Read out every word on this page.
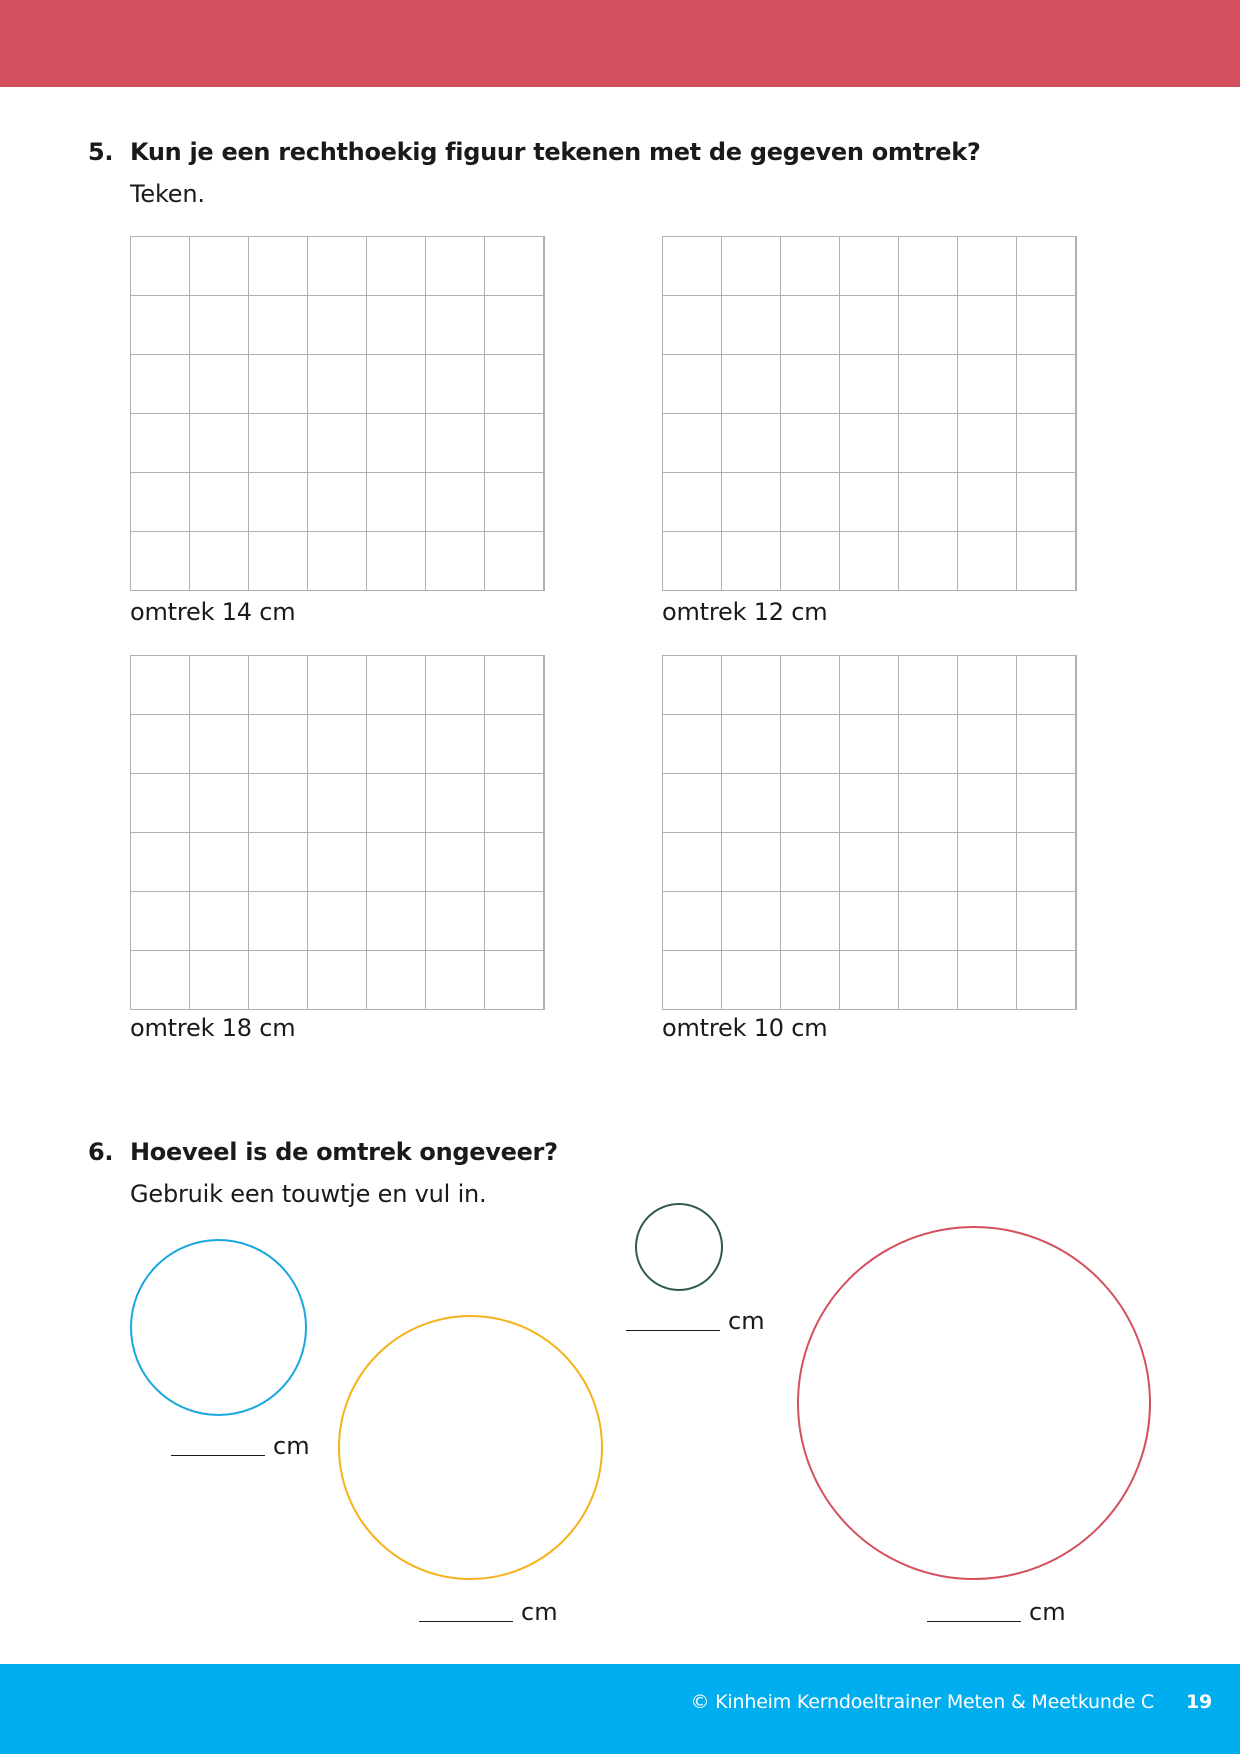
5. Kun je een rechthoekig figuur tekenen met de gegeven omtrek?
Teken.
omtrek 14 cm	omtrek 12 cm
omtrek 18 cm	omtrek 10 cm
6. Hoeveel is de omtrek ongeveer?
Gebruik een touwtje en vul in.
cm
cm
cm
cm
© Kinheim Kerndoeltrainer Meten & Meetkunde C 19
